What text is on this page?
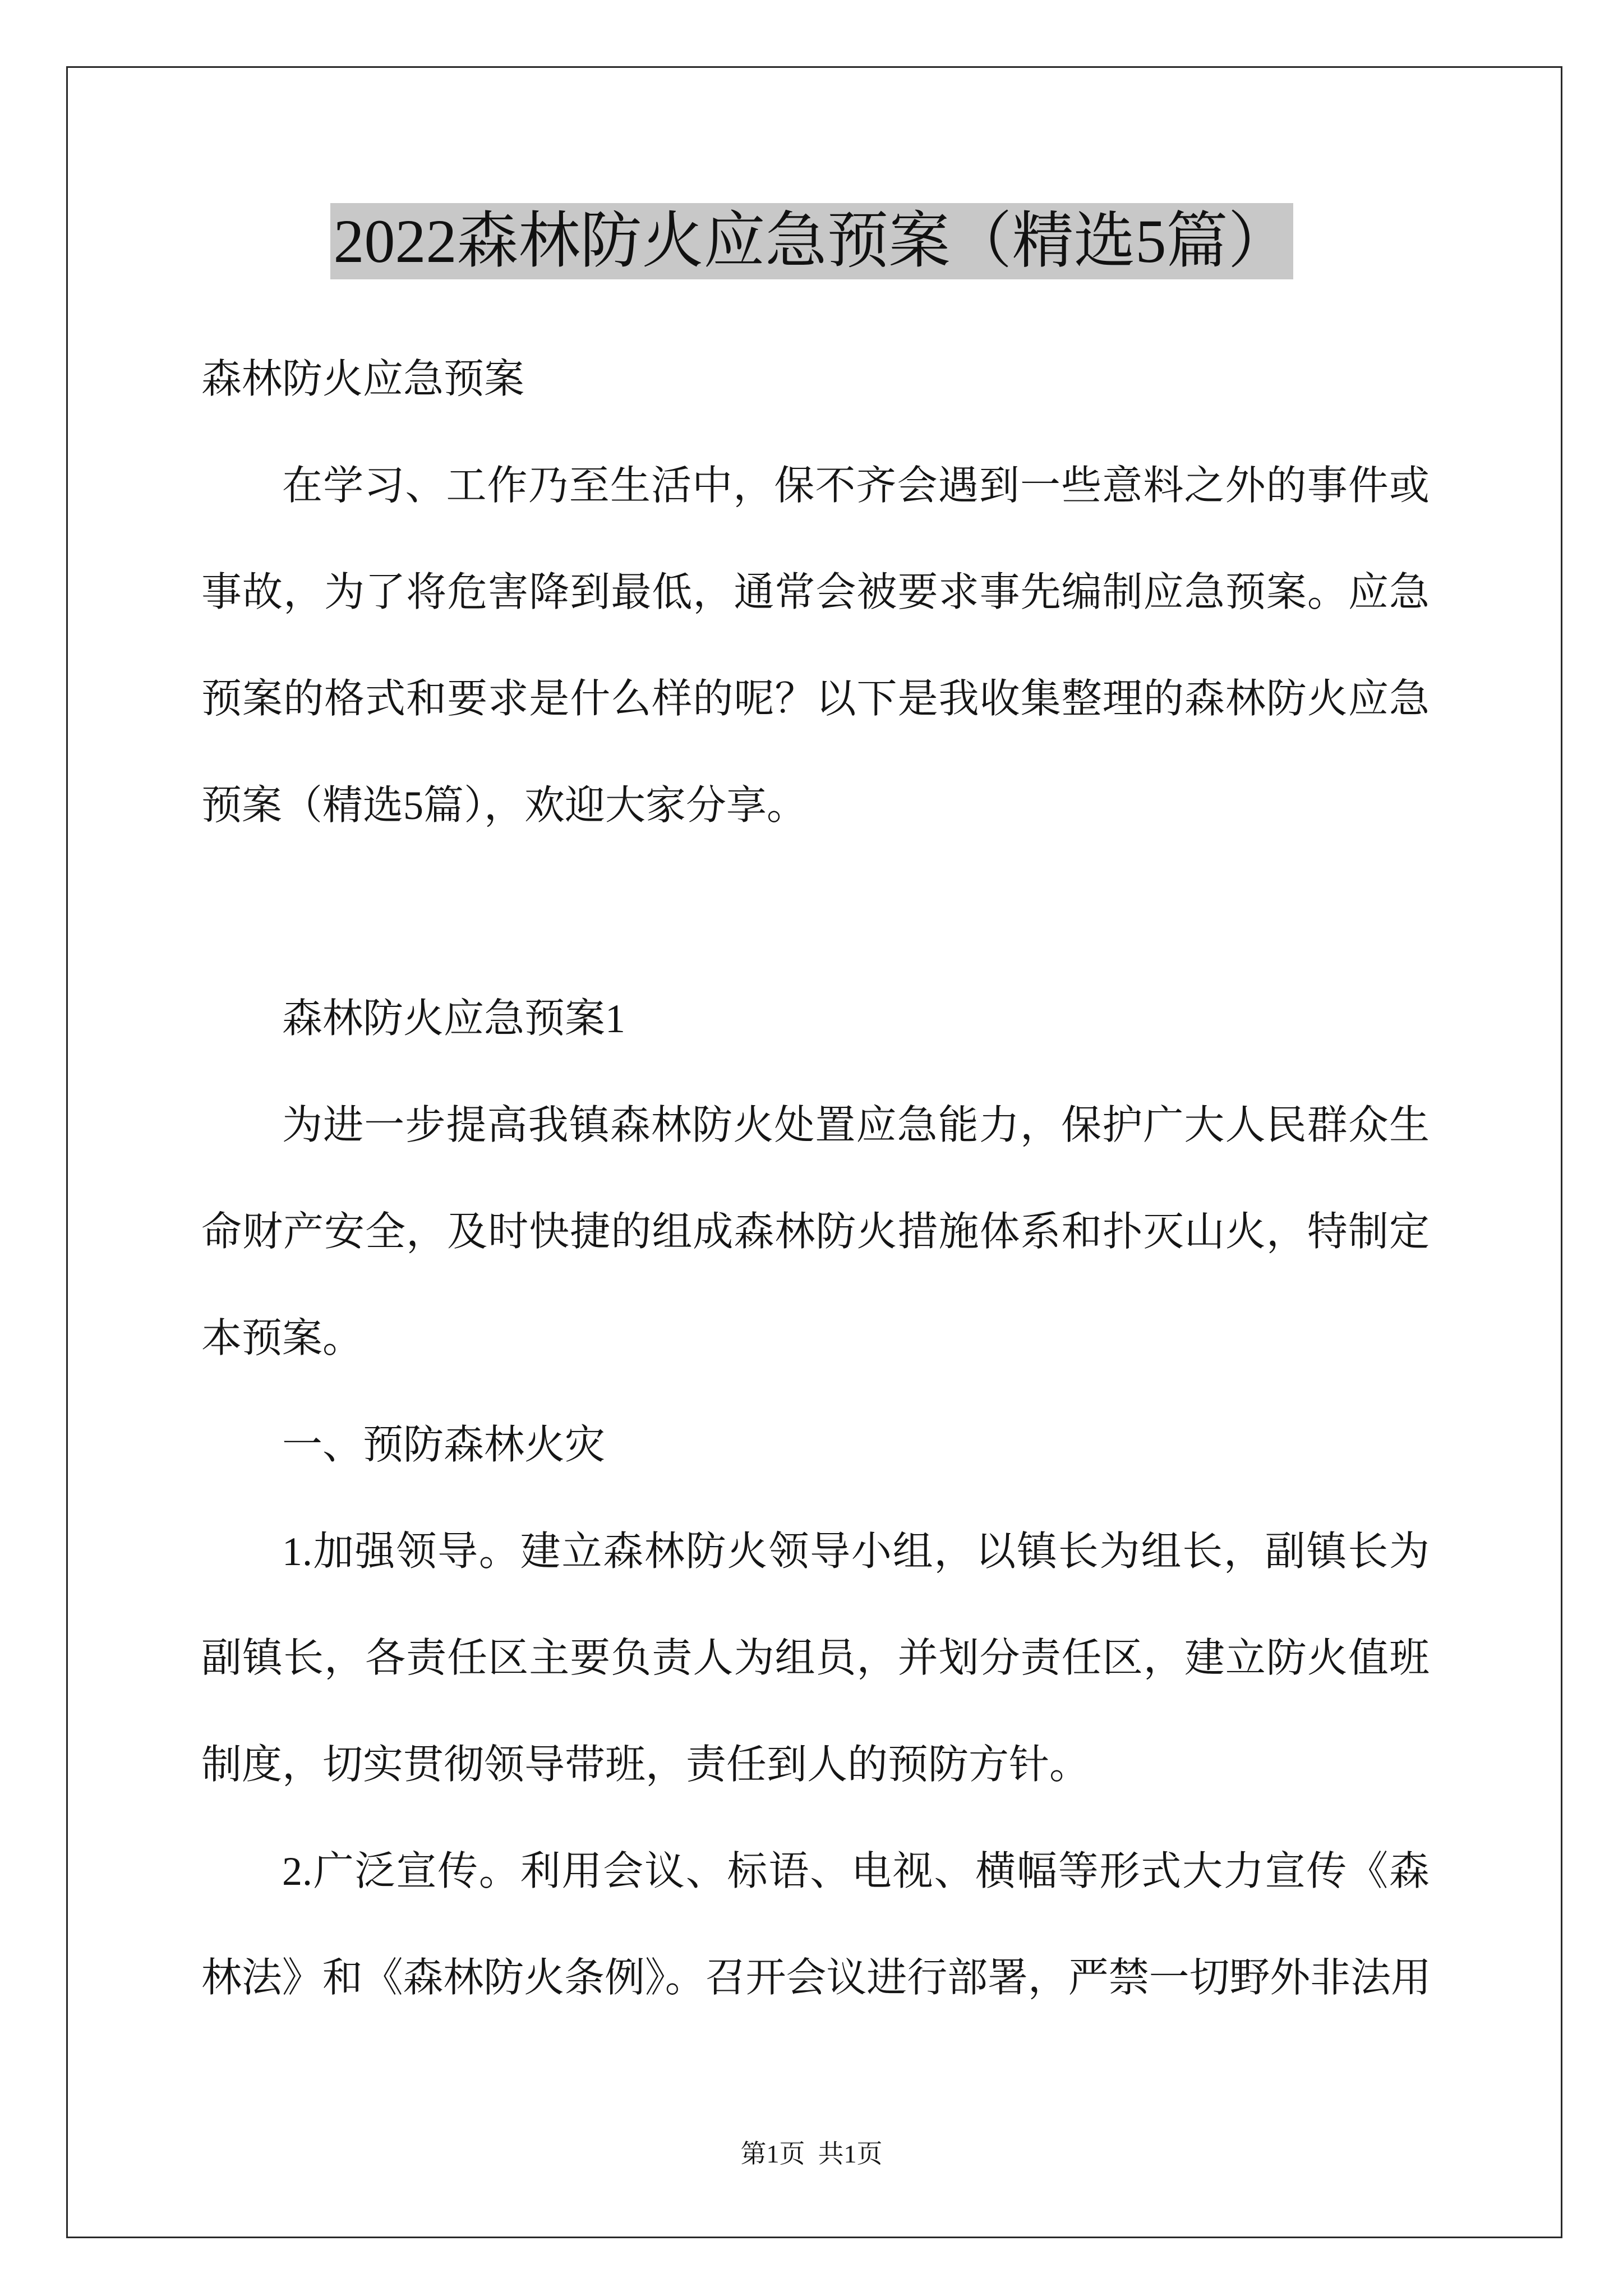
2022森林防火应急预案（精选5篇）
森林防火应急预案
在学习、工作乃至生活中，保不齐会遇到一些意料之外的事件或
事故，为了将危害降到最低，通常会被要求事先编制应急预案。应急
预案的格式和要求是什么样的呢？以下是我收集整理的森林防火应急
预案（精选5篇），欢迎大家分享。
森林防火应急预案1
为进一步提高我镇森林防火处置应急能力，保护广大人民群众生
命财产安全，及时快捷的组成森林防火措施体系和扑灭山火，特制定
本预案。
一、预防森林火灾
1.加强领导。建立森林防火领导小组，以镇长为组长，副镇长为
副镇长，各责任区主要负责人为组员，并划分责任区，建立防火值班
制度，切实贯彻领导带班，责任到人的预防方针。
2.广泛宣传。利用会议、标语、电视、横幅等形式大力宣传《森
林法》和《森林防火条例》。召开会议进行部署，严禁一切野外非法用
第1页  共1页
